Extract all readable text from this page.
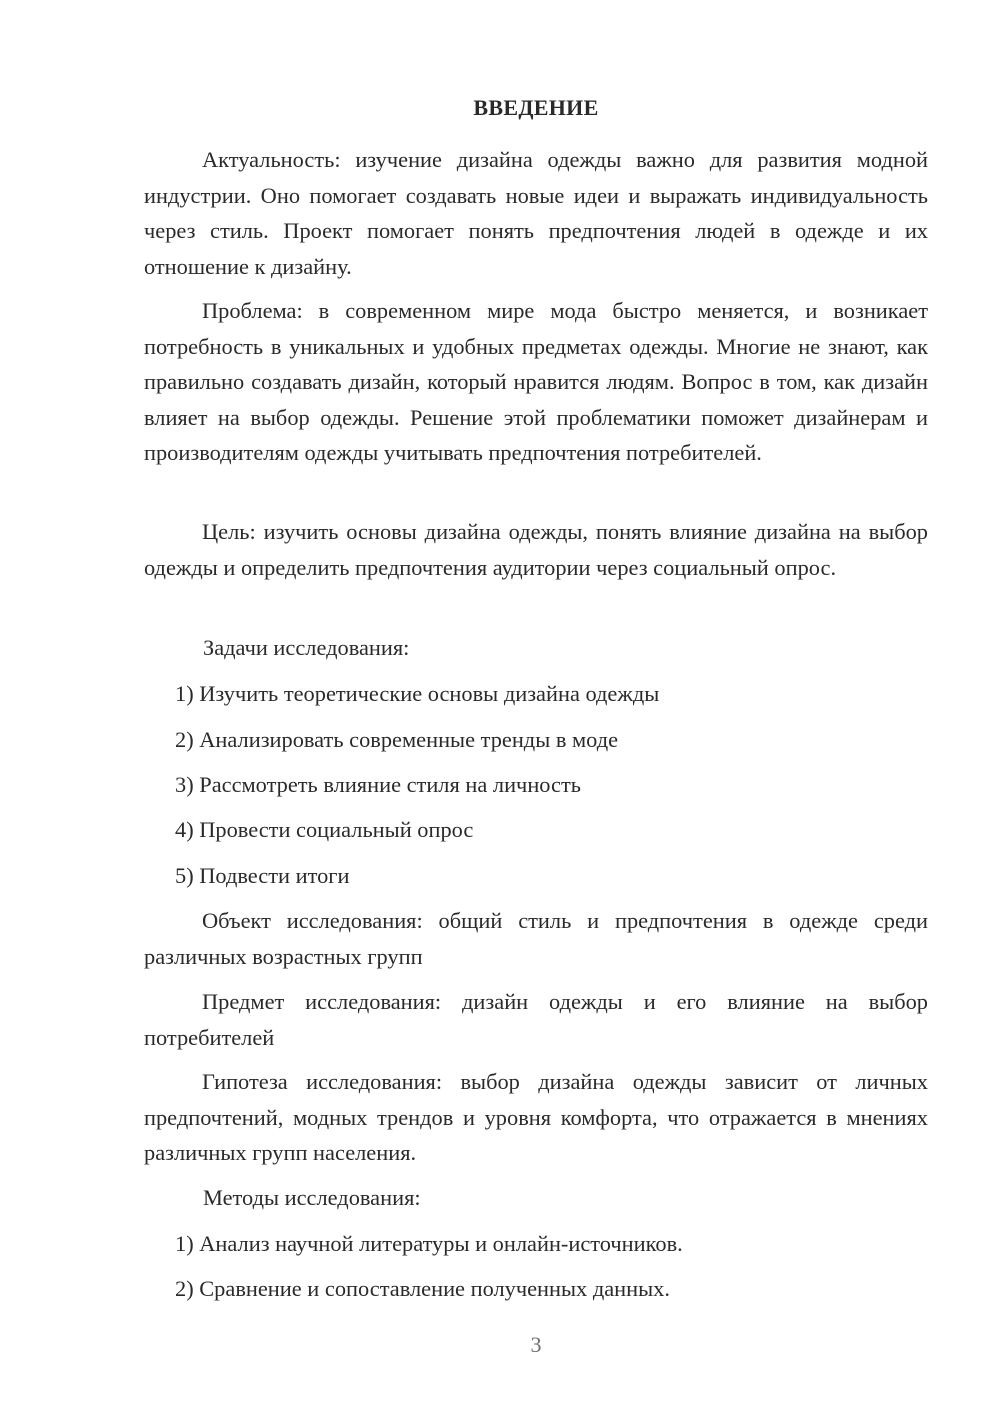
ВВЕДЕНИЕ

Актуальность: изучение дизайна одежды важно для развития модной индустрии. Оно помогает создавать новые идеи и выражать индивидуальность через стиль. Проект помогает понять предпочтения людей в одежде и их отношение к дизайну.

Проблема: в современном мире мода быстро меняется, и возникает потребность в уникальных и удобных предметах одежды. Многие не знают, как правильно создавать дизайн, который нравится людям. Вопрос в том, как дизайн влияет на выбор одежды. Решение этой проблематики поможет дизайнерам и производителям одежды учитывать предпочтения потребителей.

Цель: изучить основы дизайна одежды, понять влияние дизайна на выбор одежды и определить предпочтения аудитории через социальный опрос.

Задачи исследования:

1) Изучить теоретические основы дизайна одежды

2) Анализировать современные тренды в моде

3) Рассмотреть влияние стиля на личность

4) Провести социальный опрос

5) Подвести итоги

Объект исследования: общий стиль и предпочтения в одежде среди различных возрастных групп

Предмет исследования: дизайн одежды и его влияние на выбор потребителей

Гипотеза исследования: выбор дизайна одежды зависит от личных предпочтений, модных трендов и уровня комфорта, что отражается в мнениях различных групп населения.

Методы исследования:

1) Анализ научной литературы и онлайн-источников.

2) Сравнение и сопоставление полученных данных.

3
